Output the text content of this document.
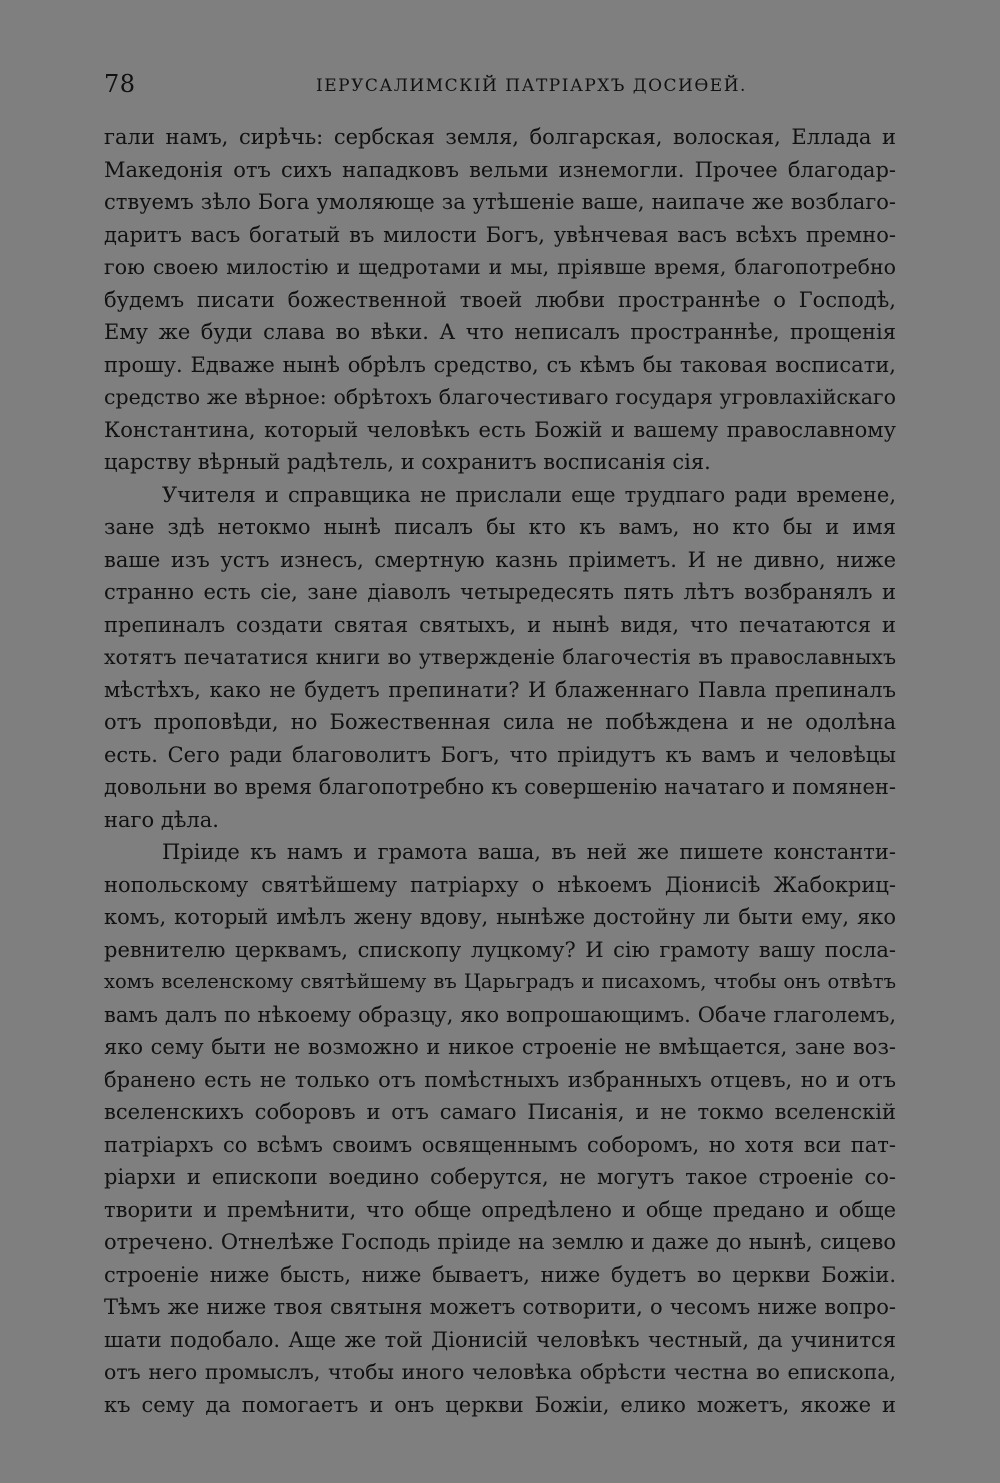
78	ІЕРУСАЛИМСКІЙ ПАТРІАРХЪ ДОСИѲЕЙ.
гали намъ, сирѣчь: сербская земля, болгарская, волоская, Еллада и
Македонія отъ сихъ нападковъ вельми изнемогли. Прочее благодар-
ствуемъ зѣло Бога умоляюще за утѣшеніе ваше, наипаче же возблаго-
даритъ васъ богатый въ милости Богъ, увѣнчевая васъ всѣхъ премно-
гою своею милостію и щедротами и мы, пріявше время, благопотребно
будемъ писати божественной твоей любви пространнѣе о Господѣ,
Ему же буди слава во вѣки. А что неписалъ пространнѣе, прощенія
прошу. Едваже нынѣ обрѣлъ средство, съ кѣмъ бы таковая восписати,
средство же вѣрное: обрѣтохъ благочестиваго государя угровлахійскаго
Константина, который человѣкъ есть Божій и вашему православному
царству вѣрный радѣтель, и сохранитъ восписанія сія.
Учителя и справщика не прислали еще трудпаго ради времене,
зане здѣ нетокмо нынѣ писалъ бы кто къ вамъ, но кто бы и имя
ваше изъ устъ изнесъ, смертную казнь пріиметъ. И не дивно, ниже
странно есть сіе, зане діаволъ четыредесять пять лѣтъ возбранялъ и
препиналъ создати святая святыхъ, и нынѣ видя, что печатаются и
хотятъ печататися книги во утвержденіе благочестія въ православныхъ
мѣстѣхъ, како не будетъ препинати? И блаженнаго Павла препиналъ
отъ проповѣди, но Божественная сила не побѣждена и не одолѣна
есть. Сего ради благоволитъ Богъ, что пріидутъ къ вамъ и человѣцы
довольни во время благопотребно къ совершенію начатаго и помянен-
наго дѣла.
Пріиде къ намъ и грамота ваша, въ ней же пишете константи-
нопольскому святѣйшему патріарху о нѣкоемъ Діонисіѣ Жабокриц-
комъ, который имѣлъ жену вдову, нынѣже достойну ли быти ему, яко
ревнителю церквамъ, спископу луцкому? И сію грамоту вашу посла-
хомъ вселенскому святѣйшему въ Царьградъ и писахомъ, чтобы онъ отвѣтъ
вамъ далъ по нѣкоему образцу, яко вопрошающимъ. Обаче глаголемъ,
яко сему быти не возможно и никое строеніе не вмѣщается, зане воз-
бранено есть не только отъ помѣстныхъ избранныхъ отцевъ, но и отъ
вселенскихъ соборовъ и отъ самаго Писанія, и не токмо вселенскій
патріархъ со всѣмъ своимъ освященнымъ соборомъ, но хотя вси пат-
ріархи и епископи воедино соберутся, не могутъ такое строеніе со-
творити и премѣнити, что обще опредѣлено и обще предано и обще
отречено. Отнелѣже Господь пріиде на землю и даже до нынѣ, сицево
строеніе ниже бысть, ниже бываетъ, ниже будетъ во церкви Божіи.
Тѣмъ же ниже твоя святыня можетъ сотворити, о чесомъ ниже вопро-
шати подобало. Аще же той Діонисій человѣкъ честный, да учинится
отъ него промыслъ, чтобы иного человѣка обрѣсти честна во епископа,
къ сему да помогаетъ и онъ церкви Божіи, елико можетъ, якоже и
